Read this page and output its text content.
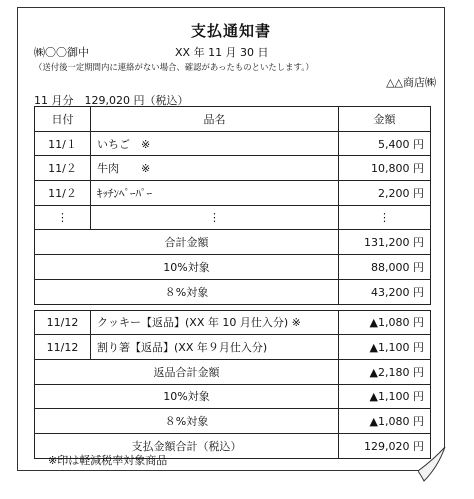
支払通知書
㈱〇〇御中	XX 年 11 月 30 日
（送付後一定期間内に連絡がない場合、確認があったものといたします。）
△△商店㈱
11 月分　129,020 円（税込）
日付	品名	金額
11/１	いちご　※	5,400 円
11/２	牛肉　　※	10,800 円
11/２	ｷｯﾁﾝﾍﾟｰﾊﾟｰ	2,200 円
⋮	⋮	⋮
合計金額		131,200 円
10%対象		88,000 円
８%対象		43,200 円

11/12	クッキー【返品】(XX 年 10 月仕入分) ※	▲1,080 円
11/12	割り箸【返品】(XX 年９月仕入分)	▲1,100 円
返品合計金額		▲2,180 円
10%対象		▲1,100 円
８%対象		▲1,080 円
支払金額合計（税込）		129,020 円
※印は軽減税率対象商品
